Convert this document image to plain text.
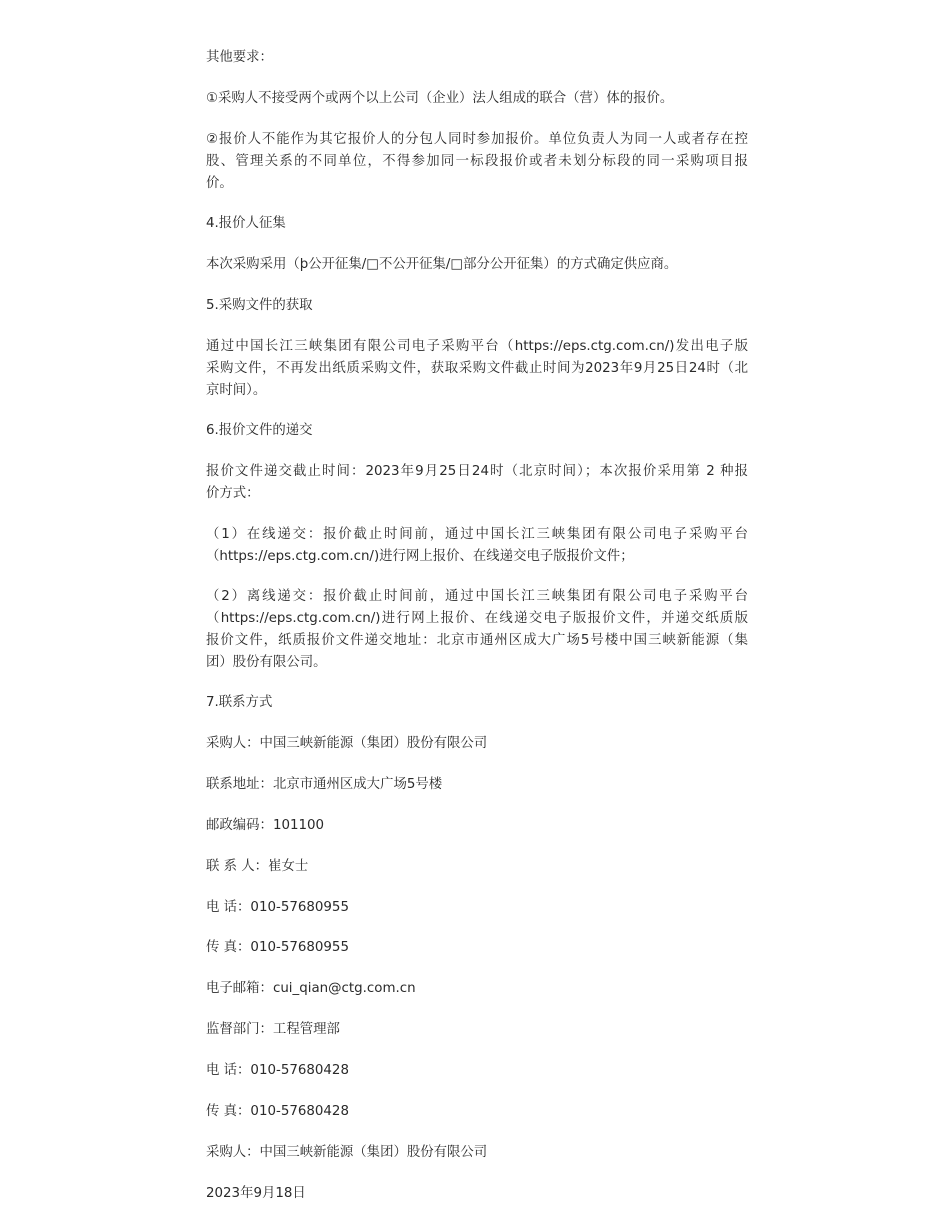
其他要求：
①采购人不接受两个或两个以上公司（企业）法人组成的联合（营）体的报价。
②报价人不能作为其它报价人的分包人同时参加报价。单位负责人为同一人或者存在控
股、管理关系的不同单位，不得参加同一标段报价或者未划分标段的同一采购项目报
价。
4.报价人征集
本次采购采用（þ公开征集/□不公开征集/□部分公开征集）的方式确定供应商。
5.采购文件的获取
通过中国长江三峡集团有限公司电子采购平台（https://eps.ctg.com.cn/)发出电子版
采购文件，不再发出纸质采购文件，获取采购文件截止时间为2023年9月25日24时（北
京时间）。
6.报价文件的递交
报价文件递交截止时间：2023年9月25日24时（北京时间）；本次报价采用第 2 种报
价方式：
（1）在线递交：报价截止时间前，通过中国长江三峡集团有限公司电子采购平台
（https://eps.ctg.com.cn/)进行网上报价、在线递交电子版报价文件；
（2）离线递交：报价截止时间前，通过中国长江三峡集团有限公司电子采购平台
（https://eps.ctg.com.cn/)进行网上报价、在线递交电子版报价文件，并递交纸质版
报价文件，纸质报价文件递交地址：北京市通州区成大广场5号楼中国三峡新能源（集
团）股份有限公司。
7.联系方式
采购人：中国三峡新能源（集团）股份有限公司
联系地址：北京市通州区成大广场5号楼
邮政编码：101100
联 系 人：崔女士
电 话：010-57680955
传 真：010-57680955
电子邮箱：cui_qian@ctg.com.cn
监督部门：工程管理部
电 话：010-57680428
传 真：010-57680428
采购人：中国三峡新能源（集团）股份有限公司
2023年9月18日
